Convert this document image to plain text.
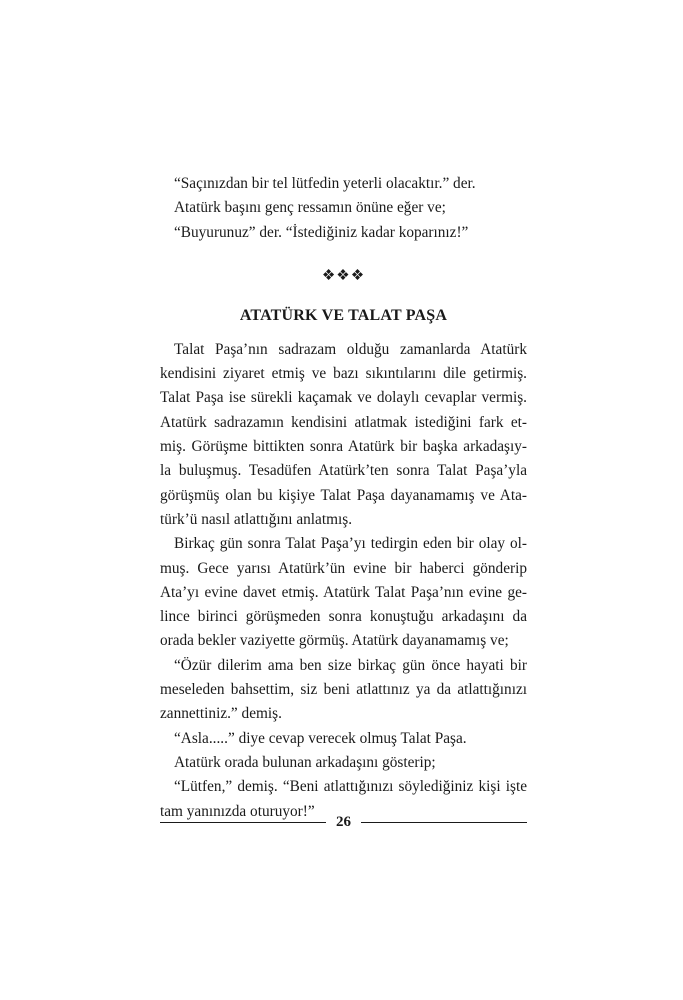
“Saçınızdan bir tel lütfedin yeterli olacaktır.” der.
Atatürk başını genç ressamın önüne eğer ve;
“Buyurunuz” der. “İstediğiniz kadar koparınız!”
❖❖❖
ATATÜRK VE TALAT PAŞA
Talat Paşa’nın sadrazam olduğu zamanlarda Atatürk
kendisini ziyaret etmiş ve bazı sıkıntılarını dile getirmiş.
Talat Paşa ise sürekli kaçamak ve dolaylı cevaplar vermiş.
Atatürk sadrazamın kendisini atlatmak istediğini fark et-
miş. Görüşme bittikten sonra Atatürk bir başka arkadaşıy-
la buluşmuş. Tesadüfen Atatürk’ten sonra Talat Paşa’yla
görüşmüş olan bu kişiye Talat Paşa dayanamamış ve Ata-
türk’ü nasıl atlattığını anlatmış.
Birkaç gün sonra Talat Paşa’yı tedirgin eden bir olay ol-
muş. Gece yarısı Atatürk’ün evine bir haberci gönderip
Ata’yı evine davet etmiş. Atatürk Talat Paşa’nın evine ge-
lince birinci görüşmeden sonra konuştuğu arkadaşını da
orada bekler vaziyette görmüş. Atatürk dayanamamış ve;
“Özür dilerim ama ben size birkaç gün önce hayati bir
meseleden bahsettim, siz beni atlattınız ya da atlattığınızı
zannettiniz.” demiş.
“Asla.....” diye cevap verecek olmuş Talat Paşa.
Atatürk orada bulunan arkadaşını gösterip;
“Lütfen,” demiş. “Beni atlattığınızı söylediğiniz kişi işte
tam yanınızda oturuyor!”
26
